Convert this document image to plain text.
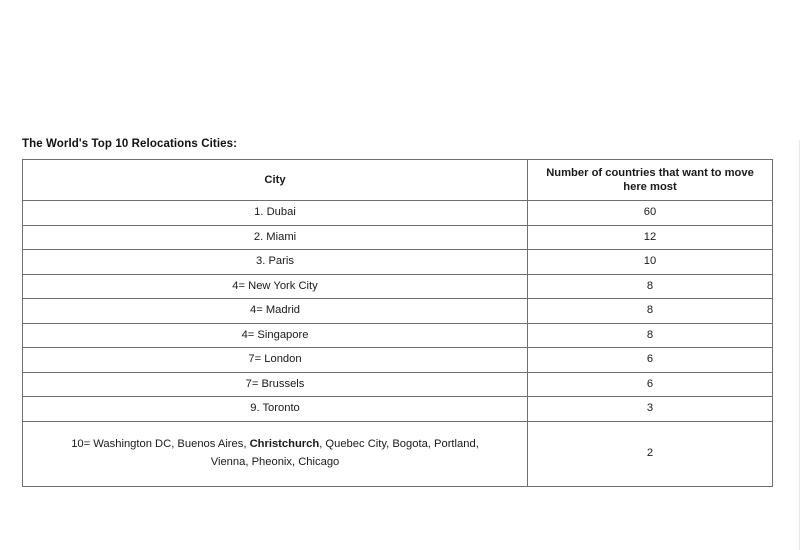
The World's Top 10 Relocations Cities:
City	Number of countries that want to move here most
1. Dubai	60
2. Miami	12
3. Paris	10
4= New York City	8
4= Madrid	8
4= Singapore	8
7= London	6
7= Brussels	6
9. Toronto	3
10= Washington DC, Buenos Aires, Christchurch, Quebec City, Bogota, Portland, Vienna, Pheonix, Chicago	2
